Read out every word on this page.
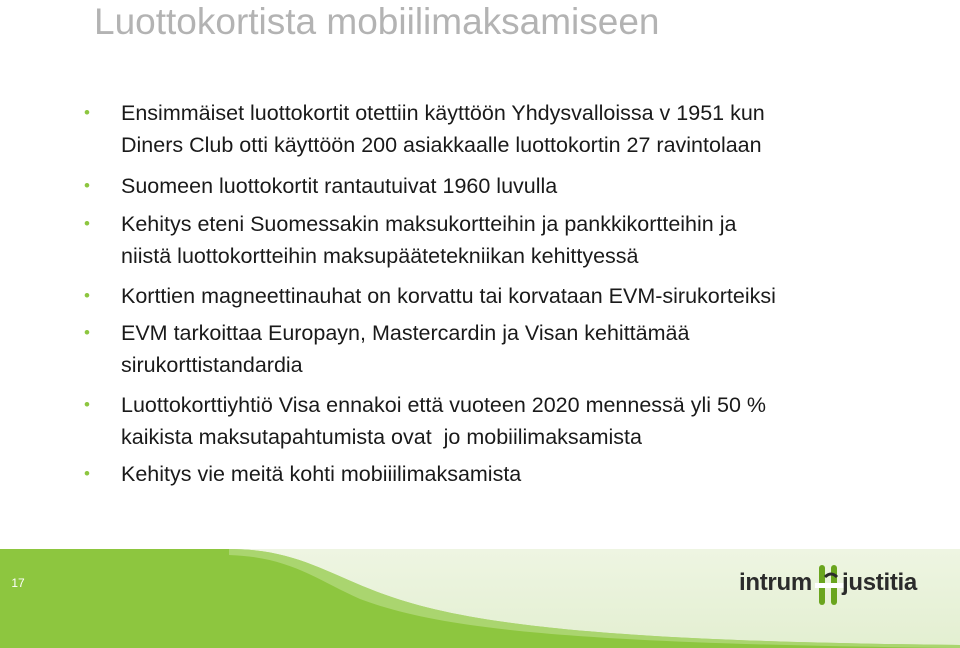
Luottokortista mobiilimaksamiseen
•	Ensimmäiset luottokortit otettiin käyttöön Yhdysvalloissa v 1951 kun
Diners Club otti käyttöön 200 asiakkaalle luottokortin 27 ravintolaan
•	Suomeen luottokortit rantautuivat 1960 luvulla
•	Kehitys eteni Suomessakin maksukortteihin ja pankkikortteihin ja
niistä luottokortteihin maksupäätetekniikan kehittyessä
•	Korttien magneettinauhat on korvattu tai korvataan EVM-sirukorteiksi
•	EVM tarkoittaa Europayn, Mastercardin ja Visan kehittämää
sirukorttistandardia
•	Luottokorttiyhtiö Visa ennakoi että vuoteen 2020 mennessä yli 50 %
kaikista maksutapahtumista ovat  jo mobiilimaksamista
•	Kehitys vie meitä kohti mobiiilimaksamista
17	intrum justitia
